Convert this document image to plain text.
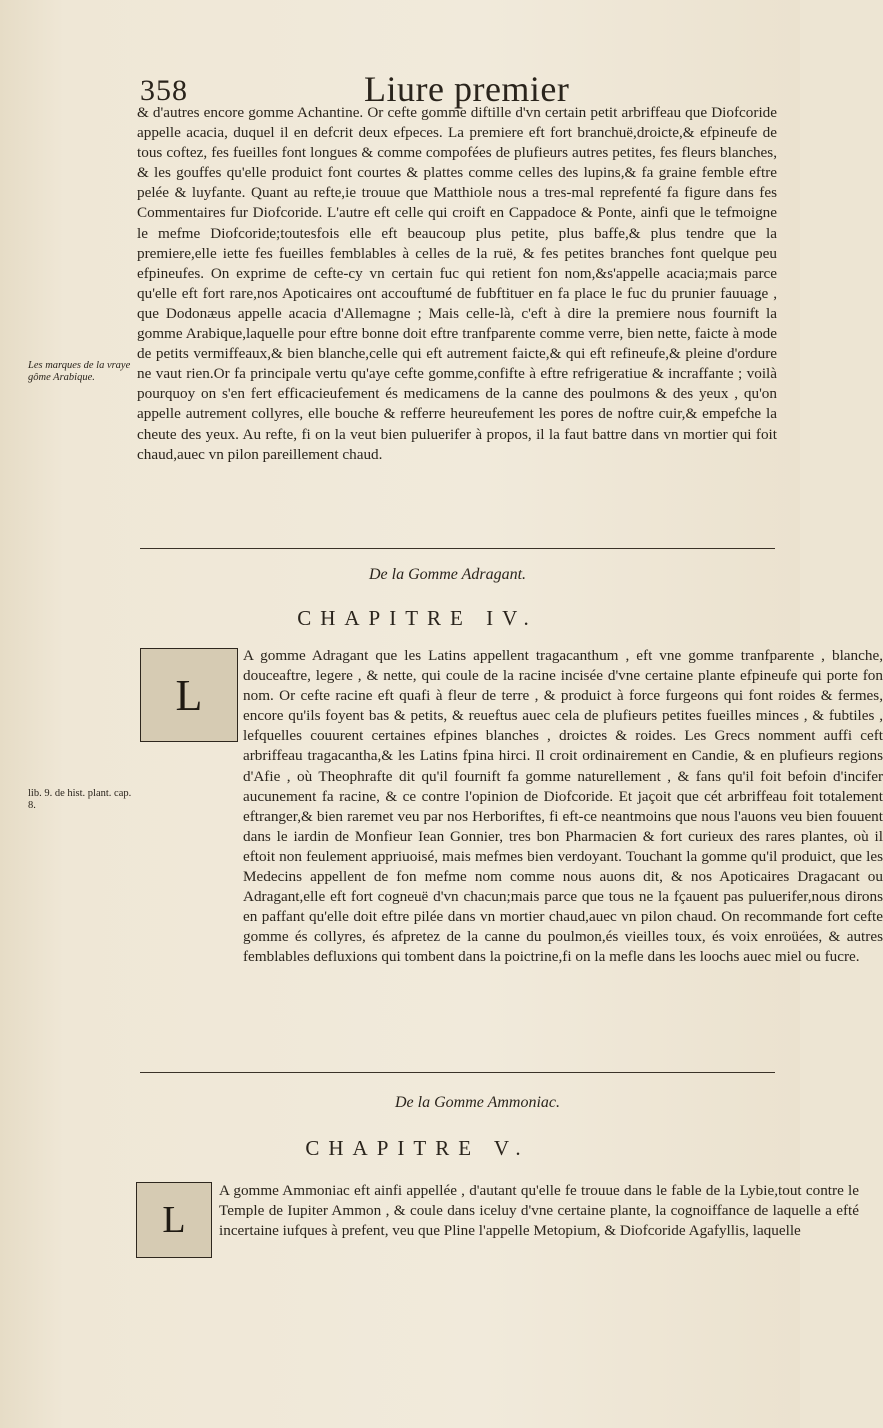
358	Liure premier

& d'autres encore gomme Achantine. Or cefte gomme diftille d'vn certain petit arbriffeau que Diofcoride appelle acacia, duquel il en defcrit deux efpeces. La premiere eft fort branchuë,droicte,& efpineufe de tous coftez, fes fueilles font longues & comme compofées de plufieurs autres petites, fes fleurs blanches, & les gouffes qu'elle produict font courtes & plattes comme celles des lupins,& fa graine femble eftre pelée & luyfante. Quant au refte,ie trouue que Matthiole nous a tres-mal reprefenté fa figure dans fes Commentaires fur Diofcoride. L'autre eft celle qui croift en Cappadoce & Ponte, ainfi que le tefmoigne le mefme Diofcoride;toutesfois elle eft beaucoup plus petite, plus baffe,& plus tendre que la premiere,elle iette fes fueilles femblables à celles de la ruë, & fes petites branches font quelque peu efpineufes. On exprime de cefte-cy vn certain fuc qui retient fon nom,&s'appelle acacia;mais parce qu'elle eft fort rare,nos Apoticaires ont accouftumé de fubftituer en fa place le fuc du prunier fauuage , que Dodonæus appelle acacia d'Allemagne ; Mais celle-là, c'eft à dire la premiere nous fournift la gomme Arabique,laquelle pour eftre bonne doit eftre tranfparente comme verre, bien nette, faicte à mode de petits vermiffeaux,& bien blanche,celle qui eft autrement faicte,& qui eft refineufe,& pleine d'ordure ne vaut rien.Or fa principale vertu qu'aye cefte gomme,confifte à eftre refrigeratiue & incraffante ; voilà pourquoy on s'en fert efficacieufement és medicamens de la canne des poulmons & des yeux , qu'on appelle autrement collyres, elle bouche & refferre heureufement les pores de noftre cuir,& empefche la cheute des yeux. Au refte, fi on la veut bien puluerifer à propos, il la faut battre dans vn mortier qui foit chaud,auec vn pilon pareillement chaud.

Les marques de la vraye gôme Arabique.
De la Gomme Adragant.
CHAPITRE IV.
L

A gomme Adragant que les Latins appellent tragacanthum , eft vne gomme tranfparente , blanche, douceaftre, legere , & nette, qui coule de la racine incisée d'vne certaine plante efpineufe qui porte fon nom. Or cefte racine eft quafi à fleur de terre , & produict à force furgeons qui font roides & fermes, encore qu'ils foyent bas & petits, & reueftus auec cela de plufieurs petites fueilles minces , & fubtiles , lefquelles couurent certaines efpines blanches , droictes & roides. Les Grecs nomment auffi ceft arbriffeau tragacantha,& les Latins fpina hirci. Il croit ordinairement en Candie, & en plufieurs regions d'Afie , où Theophrafte dit qu'il fournift fa gomme naturellement , & fans qu'il foit befoin d'incifer aucunement fa racine, & ce contre l'opinion de Diofcoride. Et jaçoit que cét arbriffeau foit totalement eftranger,& bien raremet veu par nos Herboriftes, fi eft-ce neantmoins que nous l'auons veu bien fouuent dans le iardin de Monfieur Iean Gonnier, tres bon Pharmacien & fort curieux des rares plantes, où il eftoit non feulement appriuoisé, mais mefmes bien verdoyant. Touchant la gomme qu'il produict, que les Medecins appellent de fon mefme nom comme nous auons dit, & nos Apoticaires Dragacant ou Adragant,elle eft fort cogneuë d'vn chacun;mais parce que tous ne la fçauent pas puluerifer,nous dirons en paffant qu'elle doit eftre pilée dans vn mortier chaud,auec vn pilon chaud. On recommande fort cefte gomme és collyres, és afpretez de la canne du poulmon,és vieilles toux, és voix enroüées, & autres femblables defluxions qui tombent dans la poictrine,fi on la mefle dans les loochs auec miel ou fucre.

lib. 9. de hist. plant. cap. 8.
De la Gomme Ammoniac.
CHAPITRE V.
L

A gomme Ammoniac eft ainfi appellée , d'autant qu'elle fe trouue dans le fable de la Lybie,tout contre le Temple de Iupiter Ammon , & coule dans iceluy d'vne certaine plante, la cognoiffance de laquelle a efté incertaine iufques à prefent, veu que Pline l'appelle Metopium, & Diofcoride Agafyllis, laquelle
